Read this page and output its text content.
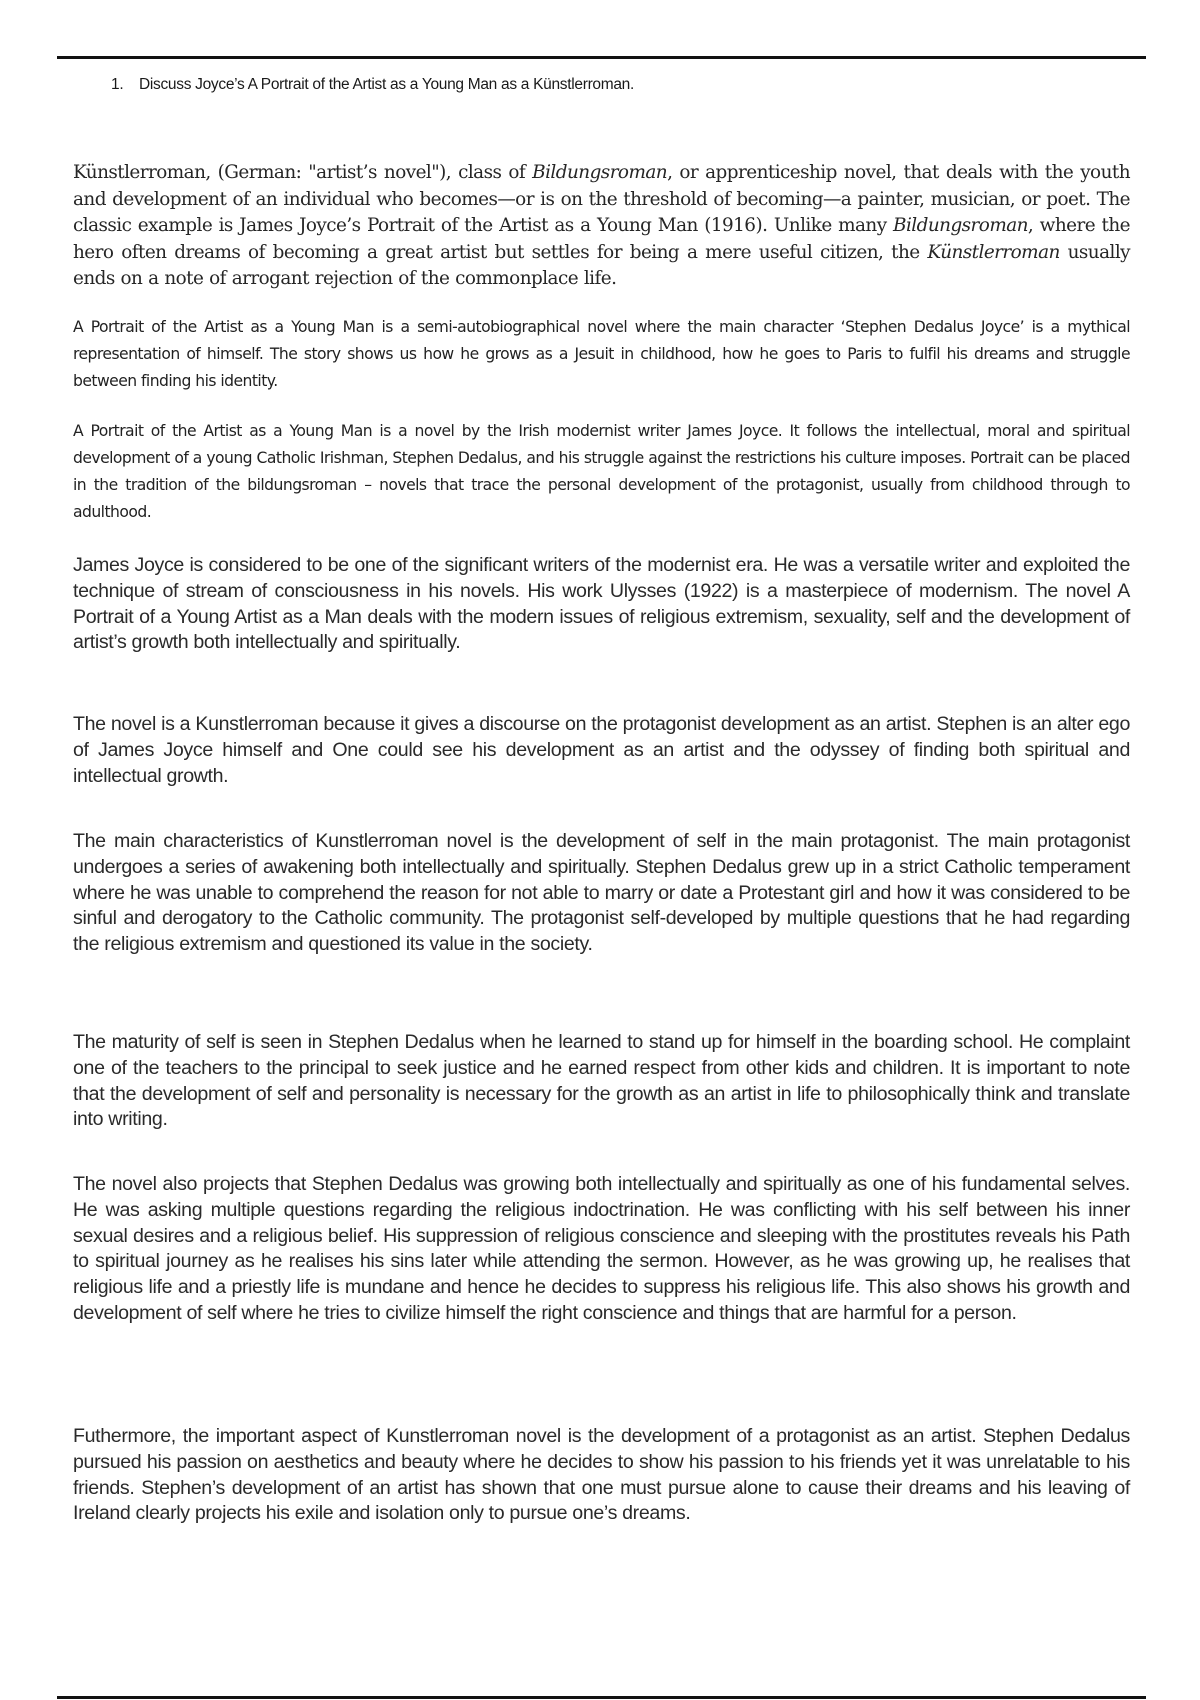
1. Discuss Joyce’s A Portrait of the Artist as a Young Man as a Künstlerroman.

Künstlerroman, (German: "artist’s novel"), class of Bildungsroman, or apprenticeship novel, that deals with the youth and development of an individual who becomes—or is on the threshold of becoming—a painter, musician, or poet. The classic example is James Joyce’s Portrait of the Artist as a Young Man (1916). Unlike many Bildungsroman, where the hero often dreams of becoming a great artist but settles for being a mere useful citizen, the Künstlerroman usually ends on a note of arrogant rejection of the commonplace life.

A Portrait of the Artist as a Young Man is a semi-autobiographical novel where the main character ‘Stephen Dedalus Joyce’ is a mythical representation of himself. The story shows us how he grows as a Jesuit in childhood, how he goes to Paris to fulfil his dreams and struggle between finding his identity.

A Portrait of the Artist as a Young Man is a novel by the Irish modernist writer James Joyce. It follows the intellectual, moral and spiritual development of a young Catholic Irishman, Stephen Dedalus, and his struggle against the restrictions his culture imposes. Portrait can be placed in the tradition of the bildungsroman – novels that trace the personal development of the protagonist, usually from childhood through to adulthood.

James Joyce is considered to be one of the significant writers of the modernist era. He was a versatile writer and exploited the technique of stream of consciousness in his novels. His work Ulysses (1922) is a masterpiece of modernism. The novel A Portrait of a Young Artist as a Man deals with the modern issues of religious extremism, sexuality, self and the development of artist’s growth both intellectually and spiritually.

The novel is a Kunstlerroman because it gives a discourse on the protagonist development as an artist. Stephen is an alter ego of James Joyce himself and One could see his development as an artist and the odyssey of finding both spiritual and intellectual growth.

The main characteristics of Kunstlerroman novel is the development of self in the main protagonist. The main protagonist undergoes a series of awakening both intellectually and spiritually. Stephen Dedalus grew up in a strict Catholic temperament where he was unable to comprehend the reason for not able to marry or date a Protestant girl and how it was considered to be sinful and derogatory to the Catholic community. The protagonist self-developed by multiple questions that he had regarding the religious extremism and questioned its value in the society.

The maturity of self is seen in Stephen Dedalus when he learned to stand up for himself in the boarding school. He complaint one of the teachers to the principal to seek justice and he earned respect from other kids and children. It is important to note that the development of self and personality is necessary for the growth as an artist in life to philosophically think and translate into writing.

The novel also projects that Stephen Dedalus was growing both intellectually and spiritually as one of his fundamental selves. He was asking multiple questions regarding the religious indoctrination. He was conflicting with his self between his inner sexual desires and a religious belief. His suppression of religious conscience and sleeping with the prostitutes reveals his Path to spiritual journey as he realises his sins later while attending the sermon. However, as he was growing up, he realises that religious life and a priestly life is mundane and hence he decides to suppress his religious life. This also shows his growth and development of self where he tries to civilize himself the right conscience and things that are harmful for a person.

Futhermore, the important aspect of Kunstlerroman novel is the development of a protagonist as an artist. Stephen Dedalus pursued his passion on aesthetics and beauty where he decides to show his passion to his friends yet it was unrelatable to his friends. Stephen’s development of an artist has shown that one must pursue alone to cause their dreams and his leaving of Ireland clearly projects his exile and isolation only to pursue one’s dreams.
